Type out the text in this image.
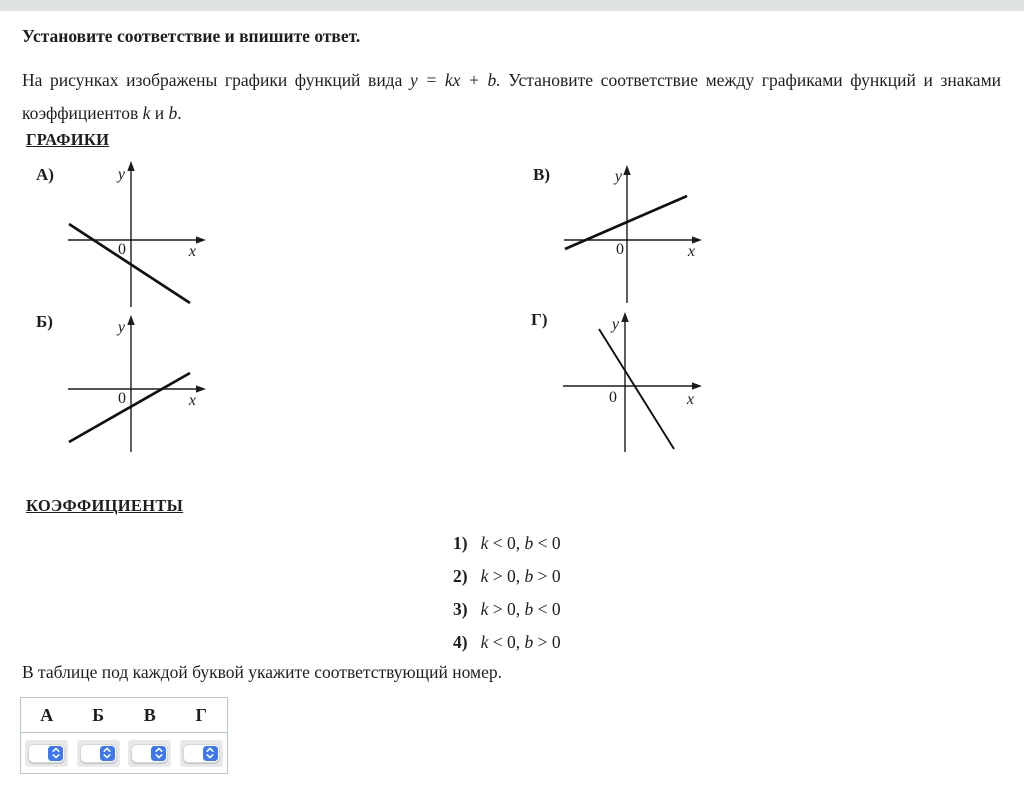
Установите соответствие и впишите ответ.

На рисунках изображены графики функций вида y = kx + b. Установите соответствие между графиками функций и знаками коэффициентов k и b.

ГРАФИКИ
А)	y
0	x
В)	y
0	x
Б)	y
0	x
Г)	y
0	x
КОЭФФИЦИЕНТЫ
1) k < 0, b < 0
2) k > 0, b > 0
3) k > 0, b < 0
4) k < 0, b > 0

В таблице под каждой буквой укажите соответствующий номер.

А	Б	В	Г
